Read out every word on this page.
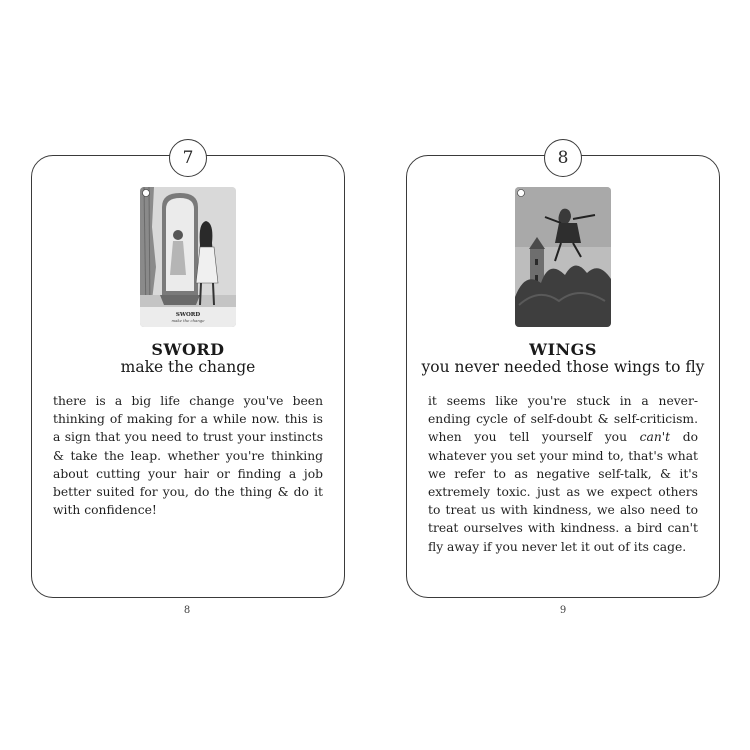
7
SWORD
make the change
SWORD
make the change
there is a big life change you've been thinking of making for a while now. this is a sign that you need to trust your instincts & take the leap. whether you're thinking about cutting your hair or finding a job better suited for you, do the thing & do it with confidence!
8
8
WINGS
you never needed those wings to fly
it seems like you're stuck in a never-ending cycle of self-doubt & self-criticism. when you tell yourself you can't do whatever you set your mind to, that's what we refer to as negative self-talk, & it's extremely toxic. just as we expect others to treat us with kindness, we also need to treat ourselves with kindness. a bird can't fly away if you never let it out of its cage.
9
